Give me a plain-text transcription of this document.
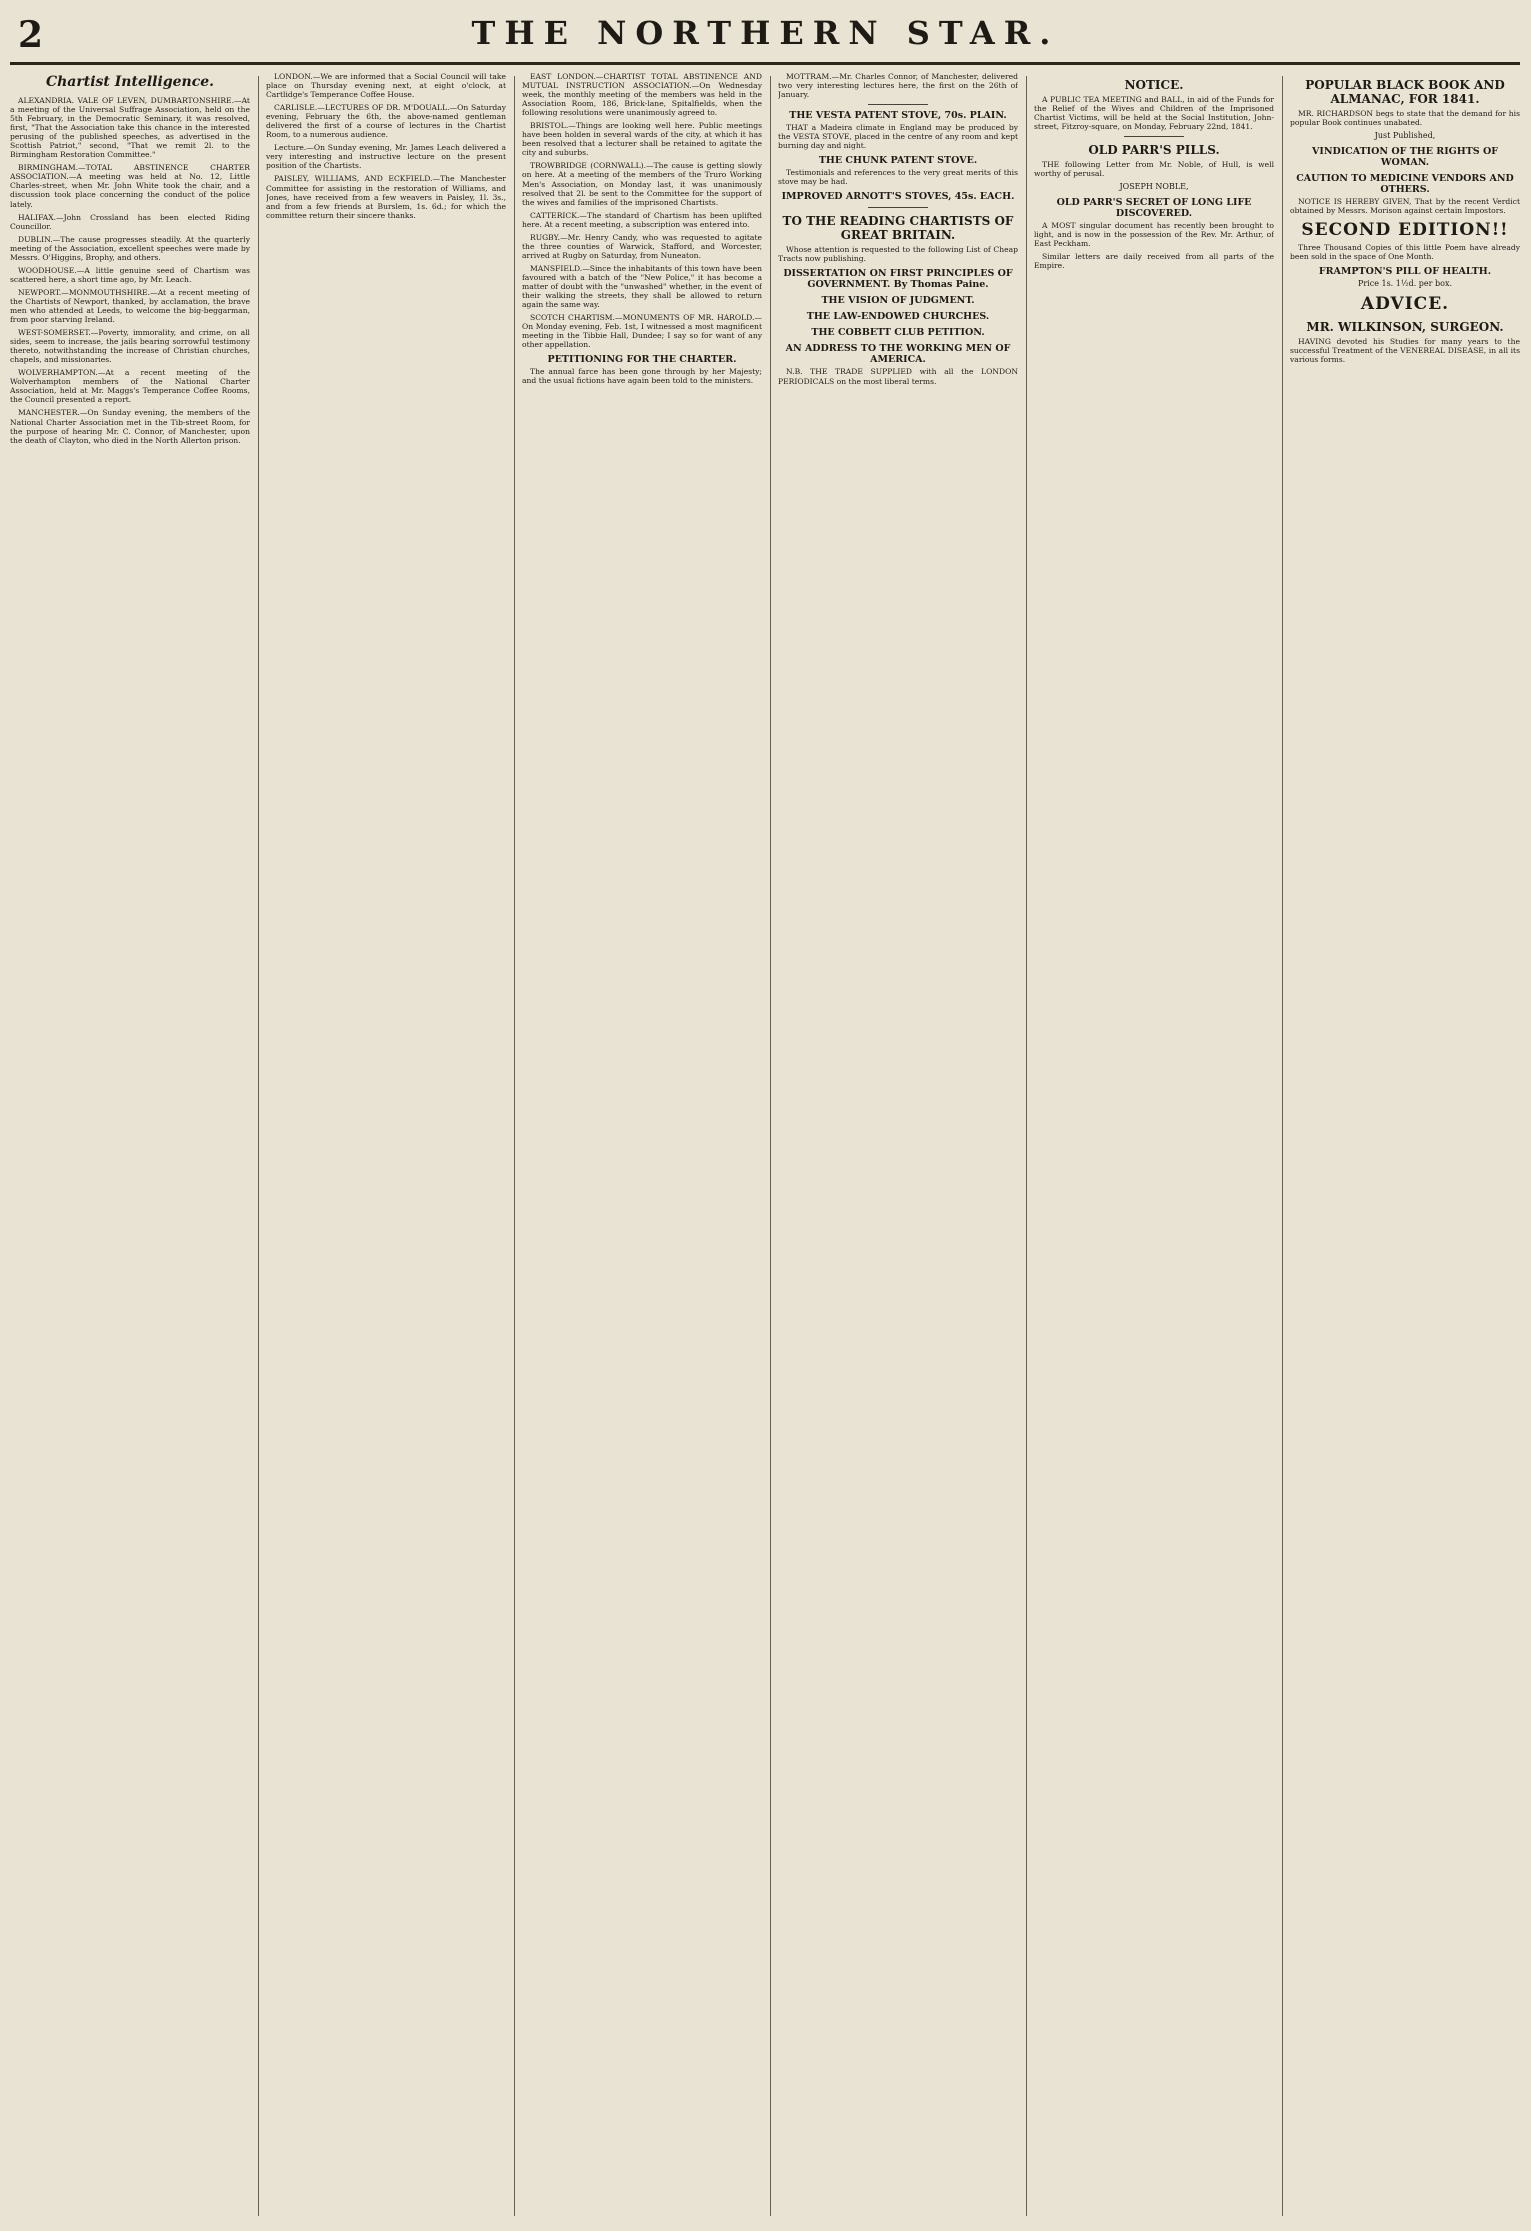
2	THE NORTHERN STAR.
Chartist Intelligence.

ALEXANDRIA. VALE OF LEVEN, DUMBARTONSHIRE.—At a meeting of the Universal Suffrage Association, held on the 5th February, in the Democratic Seminary, it was resolved, first, "That the Association take this chance in the interested perusing of the published speeches, as advertised in the Scottish Patriot," second, "That we remit 2l. to the Birmingham Restoration Committee."

BIRMINGHAM.—TOTAL ABSTINENCE CHARTER ASSOCIATION.—A meeting was held at No. 12, Little Charles-street, when Mr. John White took the chair, and a discussion took place concerning the conduct of the police lately.

HALIFAX.—John Crossland has been elected Riding Councillor.

DUBLIN.—The cause progresses steadily. At the quarterly meeting of the Association, excellent speeches were made by Messrs. O'Higgins, Brophy, and others.

WOODHOUSE.—A little genuine seed of Chartism was scattered here, a short time ago, by Mr. Leach.

NEWPORT.—MONMOUTHSHIRE.—At a recent meeting of the Chartists of Newport, thanked, by acclamation, the brave men who attended at Leeds, to welcome the big-beggarman, from poor starving Ireland.

WEST-SOMERSET.—Poverty, immorality, and crime, on all sides, seem to increase, the jails bearing sorrowful testimony thereto, notwithstanding the increase of Christian churches, chapels, and missionaries.

WOLVERHAMPTON.—At a recent meeting of the Wolverhampton members of the National Charter Association, held at Mr. Maggs's Temperance Coffee Rooms, the Council presented a report.

MANCHESTER.—On Sunday evening, the members of the National Charter Association met in the Tib-street Room, for the purpose of hearing Mr. C. Connor, of Manchester, upon the death of Clayton, who died in the North Allerton prison.

LONDON.—We are informed that a Social Council will take place on Thursday evening next, at eight o'clock, at Cartlidge's Temperance Coffee House.

CARLISLE.—LECTURES OF DR. M'DOUALL.—On Saturday evening, February the 6th, the above-named gentleman delivered the first of a course of lectures in the Chartist Room, to a numerous audience.

Lecture.—On Sunday evening, Mr. James Leach delivered a very interesting and instructive lecture on the present position of the Chartists.

PAISLEY, WILLIAMS, AND ECKFIELD.—The Manchester Committee for assisting in the restoration of Williams, and Jones, have received from a few weavers in Paisley, 1l. 3s., and from a few friends at Burslem, 1s. 6d.; for which the committee return their sincere thanks.

EAST LONDON.—CHARTIST TOTAL ABSTINENCE AND MUTUAL INSTRUCTION ASSOCIATION.—On Wednesday week, the monthly meeting of the members was held in the Association Room, 186, Brick-lane, Spitalfields, when the following resolutions were unanimously agreed to.

BRISTOL.—Things are looking well here. Public meetings have been holden in several wards of the city, at which it has been resolved that a lecturer shall be retained to agitate the city and suburbs.

TROWBRIDGE (CORNWALL).—The cause is getting slowly on here. At a meeting of the members of the Truro Working Men's Association, on Monday last, it was unanimously resolved that 2l. be sent to the Committee for the support of the wives and families of the imprisoned Chartists.

CATTERICK.—The standard of Chartism has been uplifted here. At a recent meeting, a subscription was entered into.

RUGBY.—Mr. Henry Candy, who was requested to agitate the three counties of Warwick, Stafford, and Worcester, arrived at Rugby on Saturday, from Nuneaton.

MANSFIELD.—Since the inhabitants of this town have been favoured with a batch of the "New Police," it has become a matter of doubt with the "unwashed" whether, in the event of their walking the streets, they shall be allowed to return again the same way.

SCOTCH CHARTISM.—MONUMENTS OF MR. HAROLD.—On Monday evening, Feb. 1st, I witnessed a most magnificent meeting in the Tibbie Hall, Dundee; I say so for want of any other appellation.

PETITIONING FOR THE CHARTER.

The annual farce has been gone through by her Majesty; and the usual fictions have again been told to the ministers.

MOTTRAM.—Mr. Charles Connor, of Manchester, delivered two very interesting lectures here, the first on the 26th of January.

THE VESTA PATENT STOVE, 70s. PLAIN.

THAT a Madeira climate in England may be produced by the VESTA STOVE, placed in the centre of any room and kept burning day and night.

THE CHUNK PATENT STOVE.

Testimonials and references to the very great merits of this stove may be had.

IMPROVED ARNOTT'S STOVES, 45s. EACH.
TO THE READING CHARTISTS OF GREAT BRITAIN.

Whose attention is requested to the following List of Cheap Tracts now publishing.

DISSERTATION ON FIRST PRINCIPLES OF GOVERNMENT. By Thomas Paine.
THE VISION OF JUDGMENT.
THE LAW-ENDOWED CHURCHES.
THE COBBETT CLUB PETITION.
AN ADDRESS TO THE WORKING MEN OF AMERICA.

N.B. THE TRADE SUPPLIED with all the LONDON PERIODICALS on the most liberal terms.

NOTICE.

A PUBLIC TEA MEETING and BALL, in aid of the Funds for the Relief of the Wives and Children of the Imprisoned Chartist Victims, will be held at the Social Institution, John-street, Fitzroy-square, on Monday, February 22nd, 1841.

OLD PARR'S PILLS.

THE following Letter from Mr. Noble, of Hull, is well worthy of perusal.

JOSEPH NOBLE,
OLD PARR'S SECRET OF LONG LIFE DISCOVERED.

A MOST singular document has recently been brought to light, and is now in the possession of the Rev. Mr. Arthur, of East Peckham.

Similar letters are daily received from all parts of the Empire.

POPULAR BLACK BOOK AND ALMANAC, FOR 1841.

MR. RICHARDSON begs to state that the demand for his popular Book continues unabated.

Just Published,
VINDICATION OF THE RIGHTS OF WOMAN.
CAUTION TO MEDICINE VENDORS AND OTHERS.

NOTICE IS HEREBY GIVEN, That by the recent Verdict obtained by Messrs. Morison against certain Impostors.

SECOND EDITION!!

Three Thousand Copies of this little Poem have already been sold in the space of One Month.

FRAMPTON'S PILL OF HEALTH.
Price 1s. 1½d. per box.
ADVICE.
MR. WILKINSON, SURGEON.

HAVING devoted his Studies for many years to the successful Treatment of the VENEREAL DISEASE, in all its various forms.
